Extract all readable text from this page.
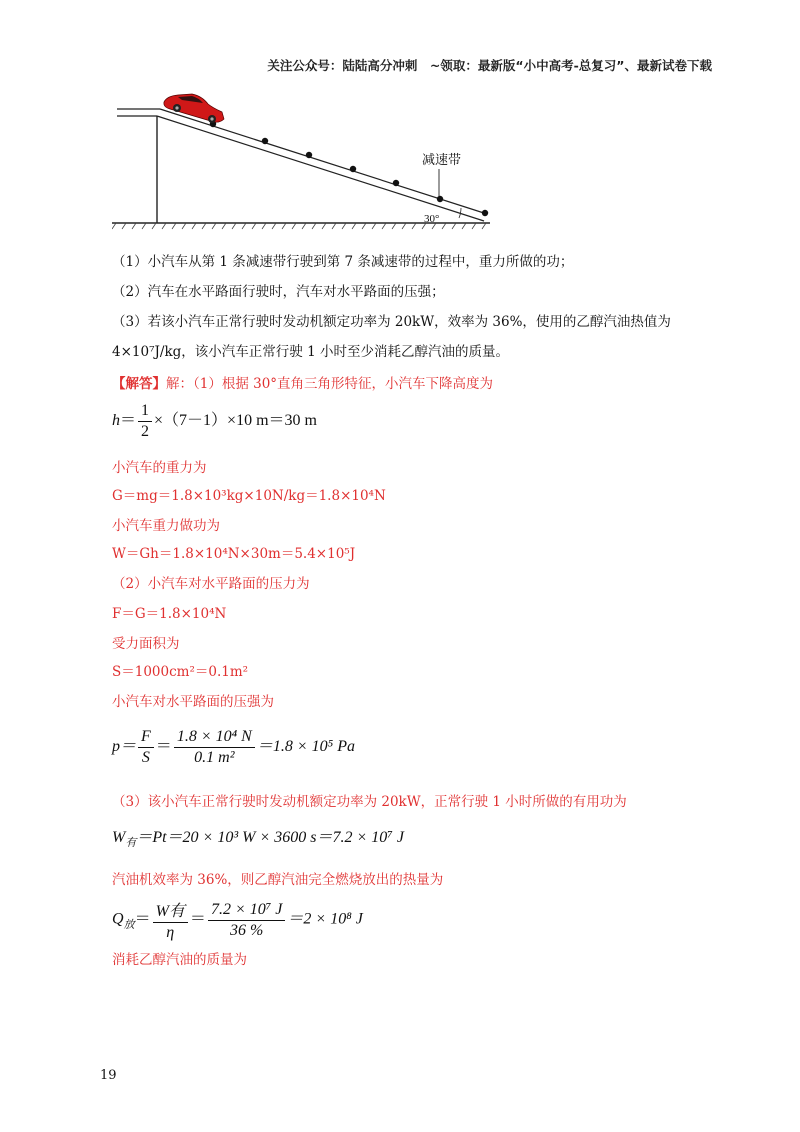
关注公众号：陆陆高分冲刺　~领取：最新版“小中高考-总复习”、最新试卷下载
减速带
30°
（1）小汽车从第 1 条减速带行驶到第 7 条减速带的过程中，重力所做的功；
（2）汽车在水平路面行驶时，汽车对水平路面的压强；
（3）若该小汽车正常行驶时发动机额定功率为 20kW，效率为 36%，使用的乙醇汽油热值为
4×10⁷J/kg，该小汽车正常行驶 1 小时至少消耗乙醇汽油的质量。
【解答】解：（1）根据 30°直角三角形特征，小汽车下降高度为
$h= \frac{1}{2} \times(7-1)\times 10$ m＝30 m
小汽车的重力为
G＝mg＝1.8×10³kg×10N/kg＝1.8×10⁴N
小汽车重力做功为
W＝Gh＝1.8×10⁴N×30m＝5.4×10⁵J
（2）小汽车对水平路面的压力为
F＝G＝1.8×10⁴N
受力面积为
S＝1000cm²＝0.1m²
小汽车对水平路面的压强为
$p= \frac{F}{S} = \frac{\text{1.8 × 10⁴ N}}{\text{0.1 m²}} =1.8 \times 10^5$ Pa
（3）该小汽车正常行驶时发动机额定功率为 20kW，正常行驶 1 小时所做的有用功为
$W_有=Pt=20 \times 10^3$ W × 3600 s＝7.2 × 10⁷ J
汽油机效率为 36%，则乙醇汽油完全燃烧放出的热量为
$Q_放= \frac{\text{W有}}{\eta} = \frac{\text{7.2 × 10⁷ J}}{36 \%} =2 \times 10^8$ J
消耗乙醇汽油的质量为
19
